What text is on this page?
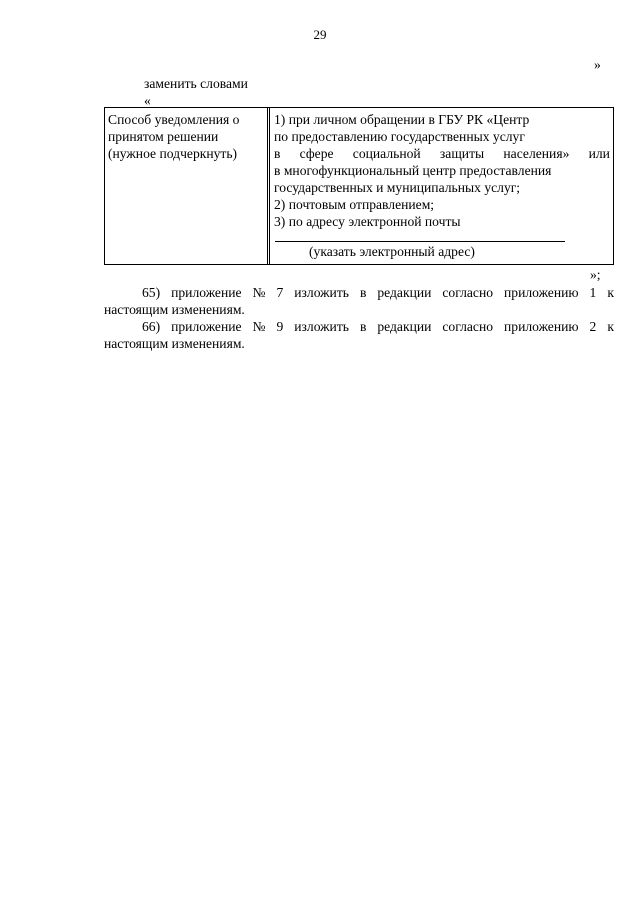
29
»
заменить словами
«
Способ уведомления о
принятом решении
(нужное подчеркнуть)
1) при личном обращении в ГБУ РК «Центр
по предоставлению государственных услуг
в сфере социальной защиты населения» или
в многофункциональный центр предоставления
государственных и муниципальных услуг;
2) почтовым отправлением;
3) по адресу электронной почты
(указать электронный адрес)
»;
65) приложение № 7 изложить в редакции согласно приложению 1 к
настоящим изменениям.
66) приложение № 9 изложить в редакции согласно приложению 2 к
настоящим изменениям.
